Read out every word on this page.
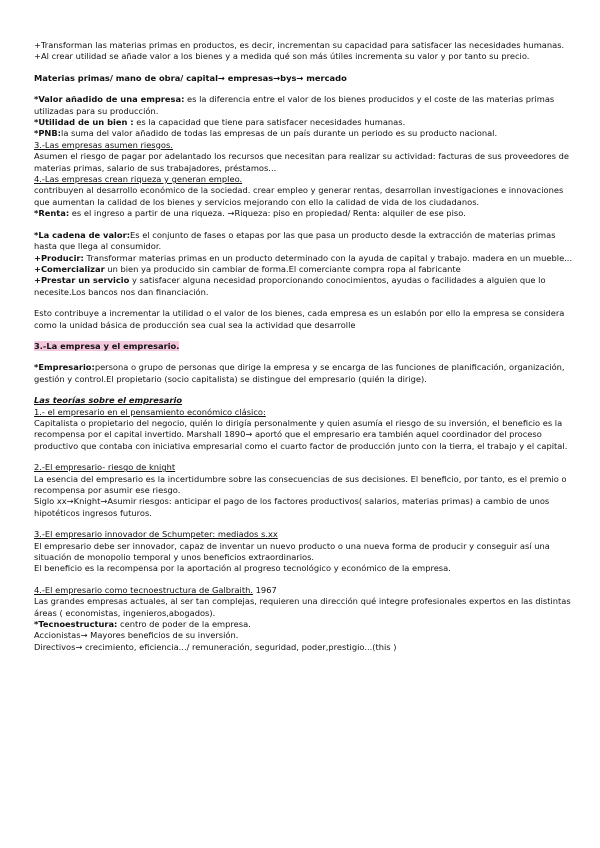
+Transforman las materias primas en productos, es decir, incrementan su capacidad para satisfacer las necesidades humanas.

+Al crear utilidad se añade valor a los bienes y a medida qué son más útiles incrementa su valor y por tanto su precio.

Materias primas/ mano de obra/ capital→ empresas→bys→ mercado

*Valor añadido de una empresa: es la diferencia entre el valor de los bienes producidos y el coste de las materias primas utilizadas para su producción.

*Utilidad de un bien : es la capacidad que tiene para satisfacer necesidades humanas.

*PNB:la suma del valor añadido de todas las empresas de un país durante un periodo es su producto nacional.

3.-Las empresas asumen riesgos.

Asumen el riesgo de pagar por adelantado los recursos que necesitan para realizar su actividad: facturas de sus proveedores de materias primas, salario de sus trabajadores, préstamos...

4.-Las empresas crean riqueza y generan empleo.

contribuyen al desarrollo económico de la sociedad. crear empleo y generar rentas, desarrollan investigaciones e innovaciones que aumentan la calidad de los bienes y servicios mejorando con ello la calidad de vida de los ciudadanos.

*Renta: es el ingreso a partir de una riqueza. →Riqueza: piso en propiedad/ Renta: alquiler de ese piso.

*La cadena de valor:Es el conjunto de fases o etapas por las que pasa un producto desde la extracción de materias primas hasta que llega al consumidor.

+Producir: Transformar materias primas en un producto determinado con la ayuda de capital y trabajo. madera en un mueble...

+Comercializar un bien ya producido sin cambiar de forma.El comerciante compra ropa al fabricante

+Prestar un servicio y satisfacer alguna necesidad proporcionando conocimientos, ayudas o facilidades a alguien que lo necesite.Los bancos nos dan financiación.

Esto contribuye a incrementar la utilidad o el valor de los bienes, cada empresa es un eslabón por ello la empresa se considera como la unidad básica de producción sea cual sea la actividad que desarrolle

3.-La empresa y el empresario.

*Empresario:persona o grupo de personas que dirige la empresa y se encarga de las funciones de planificación, organización, gestión y control.El propietario (socio capitalista) se distingue del empresario (quién la dirige).

Las teorías sobre el empresario

1.- el empresario en el pensamiento económico clásico:

Capitalista o propietario del negocio, quién lo dirigía personalmente y quien asumía el riesgo de su inversión, el beneficio es la recompensa por el capital invertido. Marshall 1890→ aportó que el empresario era también aquel coordinador del proceso productivo que contaba con iniciativa empresarial como el cuarto factor de producción junto con la tierra, el trabajo y el capital.

2.-El empresario- riesgo de knight

La esencia del empresario es la incertidumbre sobre las consecuencias de sus decisiones. El beneficio, por tanto, es el premio o recompensa por asumir ese riesgo.

Siglo xx→Knight→Asumir riesgos: anticipar el pago de los factores productivos( salarios, materias primas) a cambio de unos hipotéticos ingresos futuros.

3.-El empresario innovador de Schumpeter: mediados s.xx

El empresario debe ser innovador, capaz de inventar un nuevo producto o una nueva forma de producir y conseguir así una situación de monopolio temporal y unos beneficios extraordinarios.

El beneficio es la recompensa por la aportación al progreso tecnológico y económico de la empresa.

4.-El empresario como tecnoestructura de Galbraith. 1967

Las grandes empresas actuales, al ser tan complejas, requieren una dirección qué integre profesionales expertos en las distintas áreas ( economistas, ingenieros,abogados).

*Tecnoestructura: centro de poder de la empresa.

Accionistas→ Mayores beneficios de su inversión.

Directivos→ crecimiento, eficiencia.../ remuneración, seguridad, poder,prestigio...(this )
